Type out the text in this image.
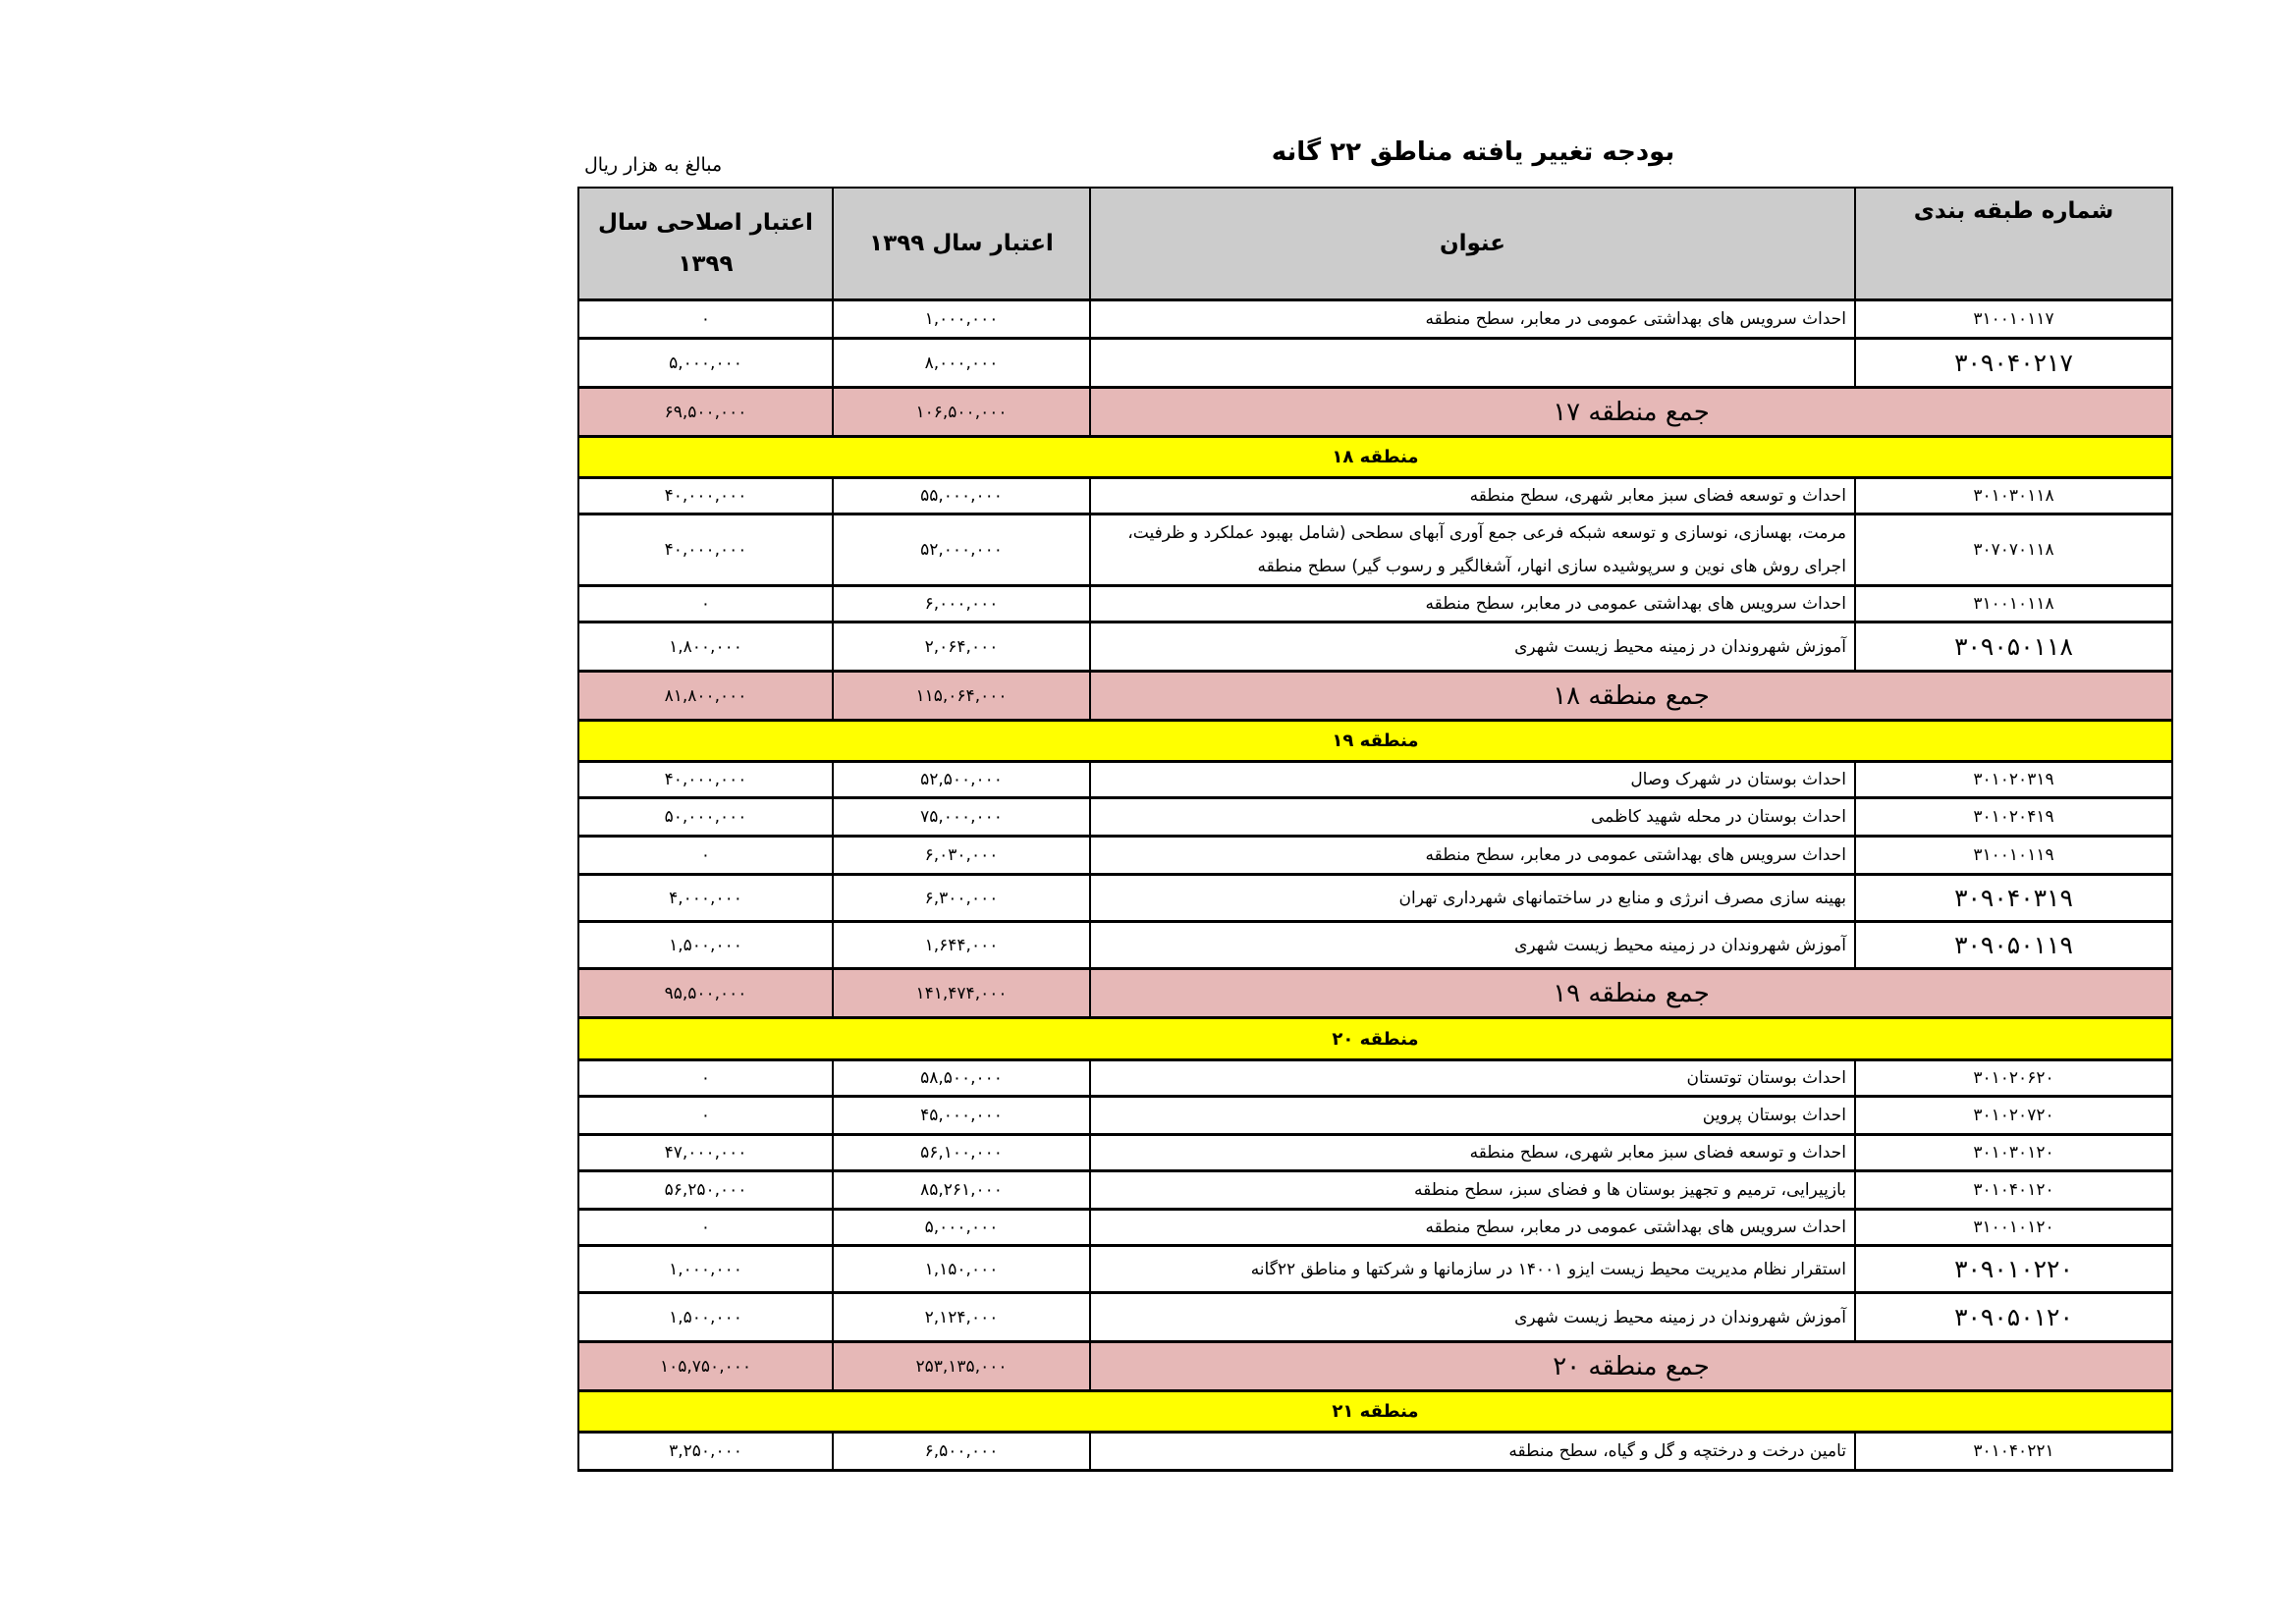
بودجه تغییر یافته مناطق ۲۲ گانه
مبالغ به هزار ریال
شماره طبقه بندی	عنوان	اعتبار سال ۱۳۹۹	اعتبار اصلاحی سال ۱۳۹۹
۳۱۰۰۱۰۱۱۷	احداث سرویس های بهداشتی عمومی در معابر، سطح منطقه	۱,۰۰۰,۰۰۰	۰
۳۰۹۰۴۰۲۱۷		۸,۰۰۰,۰۰۰	۵,۰۰۰,۰۰۰
جمع منطقه ۱۷		۱۰۶,۵۰۰,۰۰۰	۶۹,۵۰۰,۰۰۰
منطقه ۱۸			
۳۰۱۰۳۰۱۱۸	احداث و توسعه فضای سبز معابر شهری، سطح منطقه	۵۵,۰۰۰,۰۰۰	۴۰,۰۰۰,۰۰۰
۳۰۷۰۷۰۱۱۸	مرمت، بهسازی، نوسازی و توسعه شبکه فرعی جمع آوری آبهای سطحی (شامل بهبود عملکرد و ظرفیت، اجرای روش های نوین و سرپوشیده سازی انهار، آشغالگیر و رسوب گیر) سطح منطقه	۵۲,۰۰۰,۰۰۰	۴۰,۰۰۰,۰۰۰
۳۱۰۰۱۰۱۱۸	احداث سرویس های بهداشتی عمومی در معابر، سطح منطقه	۶,۰۰۰,۰۰۰	۰
۳۰۹۰۵۰۱۱۸	آموزش شهروندان در زمینه محیط زیست شهری	۲,۰۶۴,۰۰۰	۱,۸۰۰,۰۰۰
جمع منطقه ۱۸		۱۱۵,۰۶۴,۰۰۰	۸۱,۸۰۰,۰۰۰
منطقه ۱۹			
۳۰۱۰۲۰۳۱۹	احداث بوستان در شهرک وصال	۵۲,۵۰۰,۰۰۰	۴۰,۰۰۰,۰۰۰
۳۰۱۰۲۰۴۱۹	احداث بوستان در محله شهید کاظمی	۷۵,۰۰۰,۰۰۰	۵۰,۰۰۰,۰۰۰
۳۱۰۰۱۰۱۱۹	احداث سرویس های بهداشتی عمومی در معابر، سطح منطقه	۶,۰۳۰,۰۰۰	۰
۳۰۹۰۴۰۳۱۹	بهینه سازی مصرف انرژی و منابع در ساختمانهای شهرداری تهران	۶,۳۰۰,۰۰۰	۴,۰۰۰,۰۰۰
۳۰۹۰۵۰۱۱۹	آموزش شهروندان در زمینه محیط زیست شهری	۱,۶۴۴,۰۰۰	۱,۵۰۰,۰۰۰
جمع منطقه ۱۹		۱۴۱,۴۷۴,۰۰۰	۹۵,۵۰۰,۰۰۰
منطقه ۲۰			
۳۰۱۰۲۰۶۲۰	احداث بوستان توتستان	۵۸,۵۰۰,۰۰۰	۰
۳۰۱۰۲۰۷۲۰	احداث بوستان پروین	۴۵,۰۰۰,۰۰۰	۰
۳۰۱۰۳۰۱۲۰	احداث و توسعه فضای سبز معابر شهری، سطح منطقه	۵۶,۱۰۰,۰۰۰	۴۷,۰۰۰,۰۰۰
۳۰۱۰۴۰۱۲۰	بازپیرایی، ترمیم و تجهیز بوستان ها و فضای سبز، سطح منطقه	۸۵,۲۶۱,۰۰۰	۵۶,۲۵۰,۰۰۰
۳۱۰۰۱۰۱۲۰	احداث سرویس های بهداشتی عمومی در معابر، سطح منطقه	۵,۰۰۰,۰۰۰	۰
۳۰۹۰۱۰۲۲۰	استقرار نظام مدیریت محیط زیست ایزو ۱۴۰۰۱ در سازمانها و شرکتها و مناطق ۲۲گانه	۱,۱۵۰,۰۰۰	۱,۰۰۰,۰۰۰
۳۰۹۰۵۰۱۲۰	آموزش شهروندان در زمینه محیط زیست شهری	۲,۱۲۴,۰۰۰	۱,۵۰۰,۰۰۰
جمع منطقه ۲۰		۲۵۳,۱۳۵,۰۰۰	۱۰۵,۷۵۰,۰۰۰
منطقه ۲۱			
۳۰۱۰۴۰۲۲۱	تامین درخت و درختچه و گل و گیاه، سطح منطقه	۶,۵۰۰,۰۰۰	۳,۲۵۰,۰۰۰
